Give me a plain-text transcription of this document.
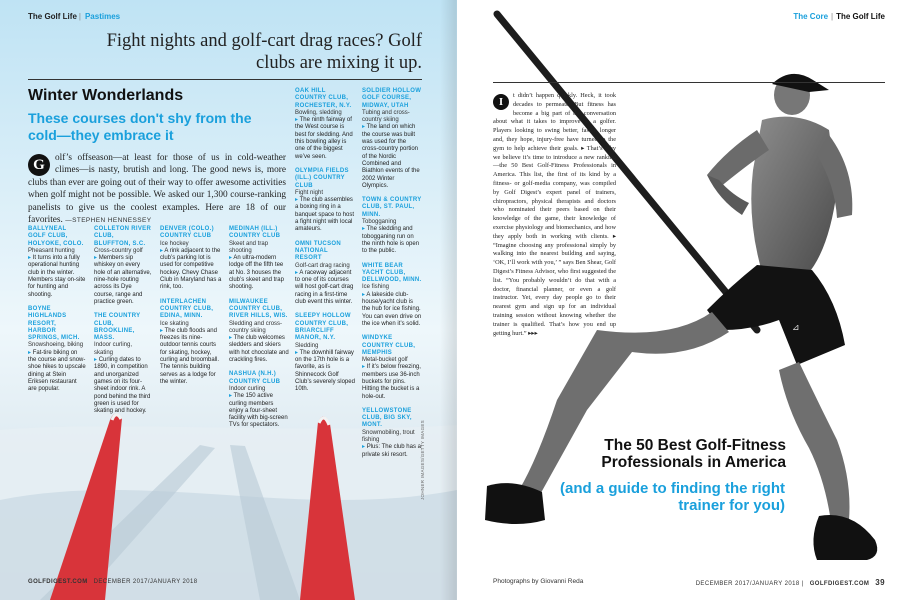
The Golf Life | Pastimes
Fight nights and golf-cart drag races? Golf clubs are mixing it up.
Winter Wonderlands
These courses don't shy from the cold—they embrace it
G	olf’s offseason—at least for those of us in cold-weather climes—is nasty, brutish and long. The good news is, more clubs than ever are going out of their way to offer awesome activities when golf might not be possible. We asked our 1,300 course-ranking panelists to give us the coolest examples. Here are 18 of our favorites. —STEPHEN HENNESSEY
BALLYNEAL GOLF CLUB, HOLYOKE, COLO.
Pheasant hunting
▸ It turns into a fully operational hunting club in the winter. Members stay on-site for hunting and shooting.
BOYNE HIGHLANDS RESORT, HARBOR SPRINGS, MICH.
Snowshoeing, biking
▸ Fat-tire biking on the course and snow-shoe hikes to upscale dining at Stein Eriksen restaurant are popular.
COLLETON RIVER CLUB, BLUFFTON, S.C.
Cross-country golf
▸ Members sip whiskey on every hole of an alternative, nine-hole routing across its Dye course, range and practice green.
THE COUNTRY CLUB, BROOKLINE, MASS.
Indoor curling, skating
▸ Curling dates to 1890, in competition and unorganized games on its four-sheet indoor rink. A pond behind the third green is used for skating and hockey.
DENVER (COLO.) COUNTRY CLUB
Ice hockey
▸ A rink adjacent to the club’s parking lot is used for competitive hockey. Chevy Chase Club in Maryland has a rink, too.
INTERLACHEN COUNTRY CLUB, EDINA, MINN.
Ice skating
▸ The club floods and freezes its nine-outdoor tennis courts for skating, hockey, curling and broomball. The tennis building serves as a lodge for the winter.
MEDINAH (ILL.) COUNTRY CLUB
Skeet and trap shooting
▸ An ultra-modern lodge off the fifth tee at No. 3 houses the club’s skeet and trap shooting.
MILWAUKEE COUNTRY CLUB, RIVER HILLS, WIS.
Sledding and cross-country skiing
▸ The club welcomes sledders and skiers with hot chocolate and crackling fires.
NASHUA (N.H.) COUNTRY CLUB
Indoor curling
▸ The 150 active curling members enjoy a four-sheet facility with big-screen TVs for spectators.
OAK HILL COUNTRY CLUB, ROCHESTER, N.Y.
Bowling, sledding
▸ The ninth fairway of the West course is best for sledding. And this bowling alley is one of the biggest we’ve seen.
OLYMPIA FIELDS (ILL.) COUNTRY CLUB
Fight night
▸ The club assembles a boxing ring in a banquet space to host a fight night with local amateurs.
OMNI TUCSON NATIONAL RESORT
Golf-cart drag racing
▸ A raceway adjacent to one of its courses will host golf-cart drag racing in a first-time club event this winter.
SLEEPY HOLLOW COUNTRY CLUB, BRIARCLIFF MANOR, N.Y.
Sledding
▸ The downhill fairway on the 17th hole is a favorite, as is Shinnecock Golf Club’s severely sloped 10th.
SOLDIER HOLLOW GOLF COURSE, MIDWAY, UTAH
Tubing and cross-country skiing
▸ The land on which the course was built was used for the cross-country portion of the Nordic Combined and Biathlon events of the 2002 Winter Olympics.
TOWN & COUNTRY CLUB, ST. PAUL, MINN.
Tobogganing
▸ The sledding and tobogganing run on the ninth hole is open to the public.
WHITE BEAR YACHT CLUB, DELLWOOD, MINN.
Ice fishing
▸ A lakeside club-house/yacht club is the hub for ice fishing. You can even drive on the ice when it’s solid.
WINDYKE COUNTRY CLUB, MEMPHIS
Metal-bucket golf
▸ If it’s below freezing, members use 36-inch buckets for pins. Hitting the bucket is a hole-out.
YELLOWSTONE CLUB, BIG SKY, MONT.
Snowmobiling, trout fishing
▸ Plus: The club has a private ski resort.	JOHNER IMAGES/GETTY IMAGES
GOLFDIGEST.COM DECEMBER 2017/JANUARY 2018
⊿
The Core | The Golf Life
I
t didn’t happen quickly. Heck, it took decades to permeate. But fitness has become a big part of the conversation about what it takes to improve as a golfer. Players looking to swing better, faster, longer and, they hope, injury-free have turned to the gym to help achieve their goals. ▸ That’s why we believe it’s time to introduce a new ranking—the 50 Best Golf-Fitness Professionals in America. This list, the first of its kind by a fitness- or golf-media company, was compiled by Golf Digest’s expert panel of trainers, chiropractors, physical therapists and doctors who nominated their peers based on their knowledge of the game, their knowledge of exercise physiology and biomechanics, and how they apply both in working with clients. ▸ “Imagine choosing any professional simply by walking into the nearest building and saying, ‘OK, I’ll work with you,’ ” says Ben Shear, Golf Digest’s Fitness Advisor, who first suggested the list. “You probably wouldn’t do that with a doctor, financial planner, or even a golf instructor. Yet, every day people go to their nearest gym and sign up for an individual training session without knowing whether the trainer is qualified. That’s how you end up getting hurt.” ▸▸▸
The 50 Best Golf-Fitness Professionals in America
(and a guide to finding the right trainer for you)
Photographs by Giovanni Reda	DECEMBER 2017/JANUARY 2018 | GOLFDIGEST.COM 39
